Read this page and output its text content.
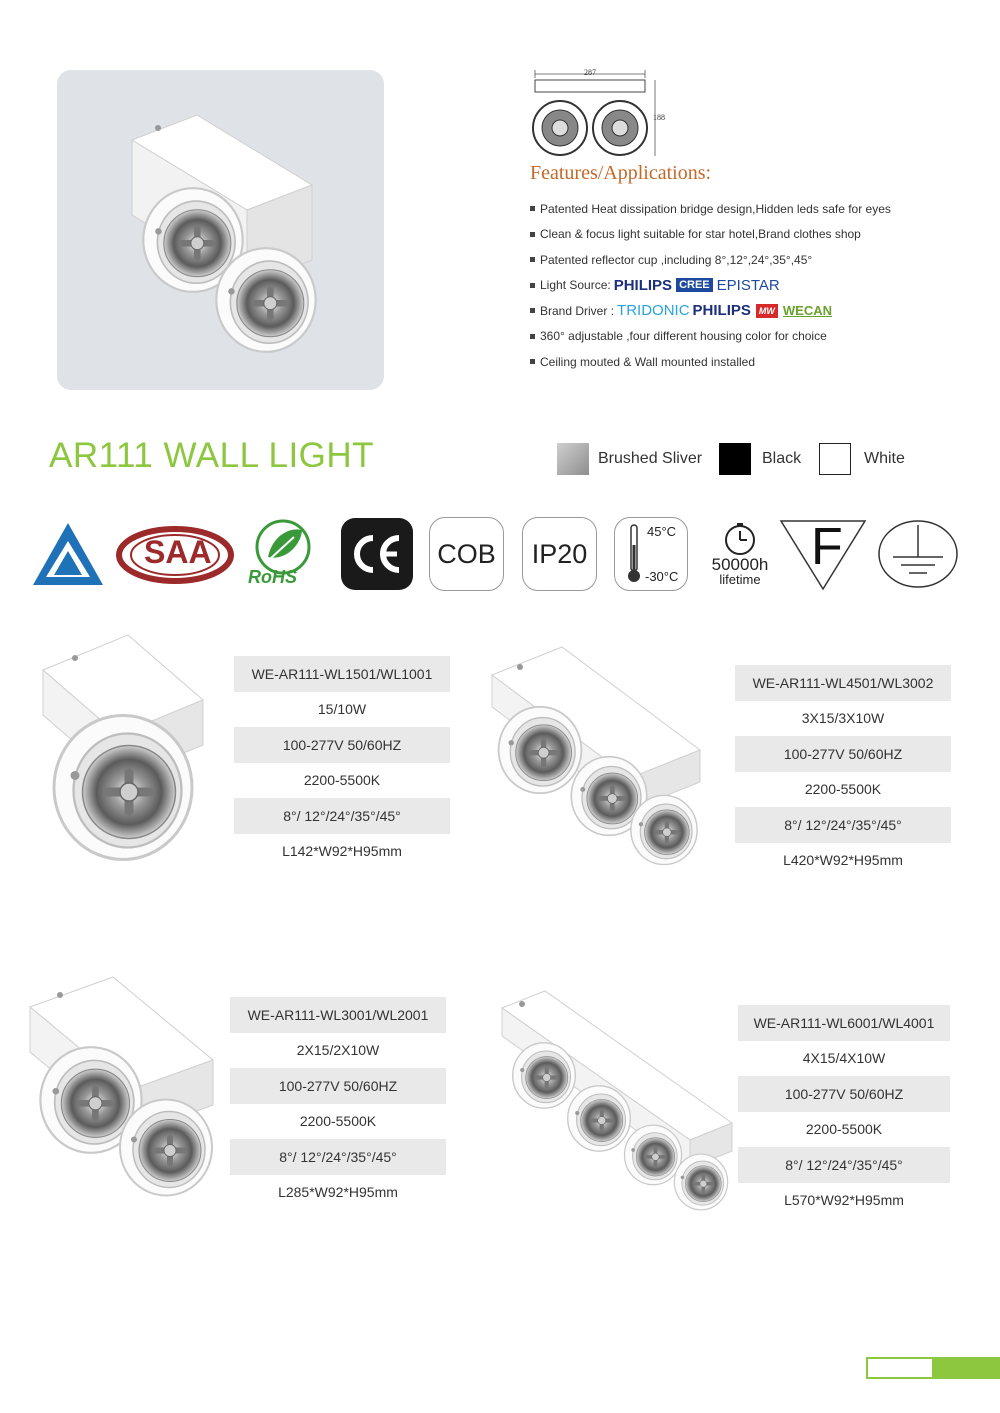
287
188
Features/Applications:
Patented Heat dissipation bridge design,Hidden leds safe for eyes
Clean & focus light suitable for star hotel,Brand clothes shop
Patented reflector cup ,including 8°,12°,24°,35°,45°
Light Source: PHILIPS CREE EPISTAR
Brand Driver : TRIDONIC PHILIPS MW WECAN
360° adjustable ,four different housing color for choice
Ceiling mouted & Wall mounted installed
AR111 WALL LIGHT	Brushed Sliver	Black	White
SAA
RoHS
COB	IP20
45°C
-30°C
50000h
lifetime
F
WE-AR111-WL1501/WL1001
15/10W
100-277V 50/60HZ
2200-5500K
8°/ 12°/24°/35°/45°
L142*W92*H95mm
WE-AR111-WL4501/WL3002
3X15/3X10W
100-277V 50/60HZ
2200-5500K
8°/ 12°/24°/35°/45°
L420*W92*H95mm
WE-AR111-WL3001/WL2001
2X15/2X10W
100-277V 50/60HZ
2200-5500K
8°/ 12°/24°/35°/45°
L285*W92*H95mm
WE-AR111-WL6001/WL4001
4X15/4X10W
100-277V 50/60HZ
2200-5500K
8°/ 12°/24°/35°/45°
L570*W92*H95mm
